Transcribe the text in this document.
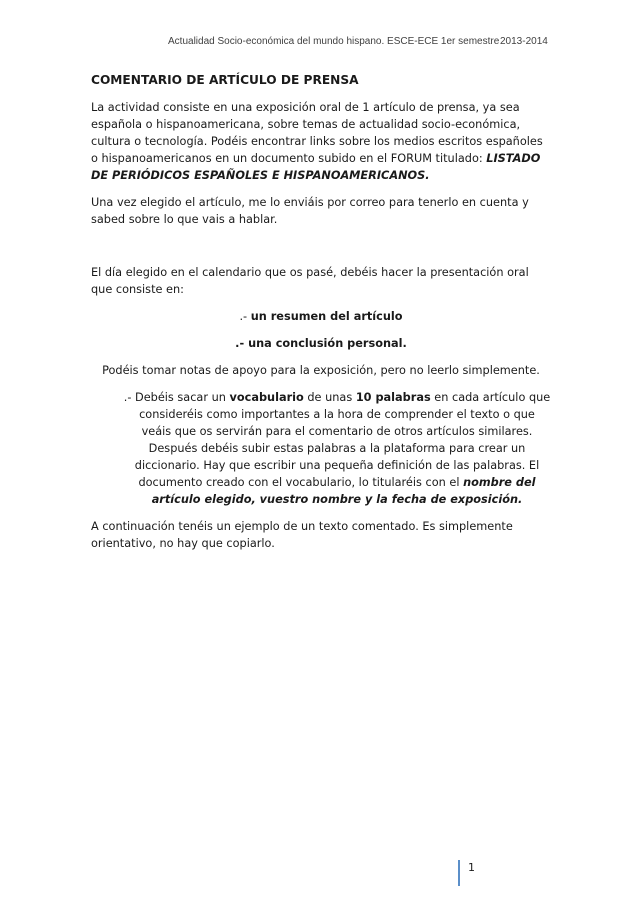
Actualidad Socio-económica del mundo hispano. ESCE-ECE 1er semestre 2013-2014
COMENTARIO DE ARTÍCULO DE PRENSA

La actividad consiste en una exposición oral de 1 artículo de prensa, ya sea española o hispanoamericana, sobre temas de actualidad socio-económica, cultura o tecnología. Podéis encontrar links sobre los medios escritos españoles o hispanoamericanos en un documento subido en el FORUM titulado: LISTADO DE PERIÓDICOS ESPAÑOLES E HISPANOAMERICANOS.

Una vez elegido el artículo, me lo enviáis por correo para tenerlo en cuenta y sabed sobre lo que vais a hablar.

El día elegido en el calendario que os pasé, debéis hacer la presentación oral que consiste en:

.- un resumen del artículo

.- una conclusión personal.

Podéis tomar notas de apoyo para la exposición, pero no leerlo simplemente.

.- Debéis sacar un vocabulario de unas 10 palabras en cada artículo que consideréis como importantes a la hora de comprender el texto o que veáis que os servirán para el comentario de otros artículos similares. Después debéis subir estas palabras a la plataforma para crear un diccionario. Hay que escribir una pequeña definición de las palabras. El documento creado con el vocabulario, lo titularéis con el nombre del artículo elegido, vuestro nombre y la fecha de exposición.

A continuación tenéis un ejemplo de un texto comentado. Es simplemente orientativo, no hay que copiarlo.

1
